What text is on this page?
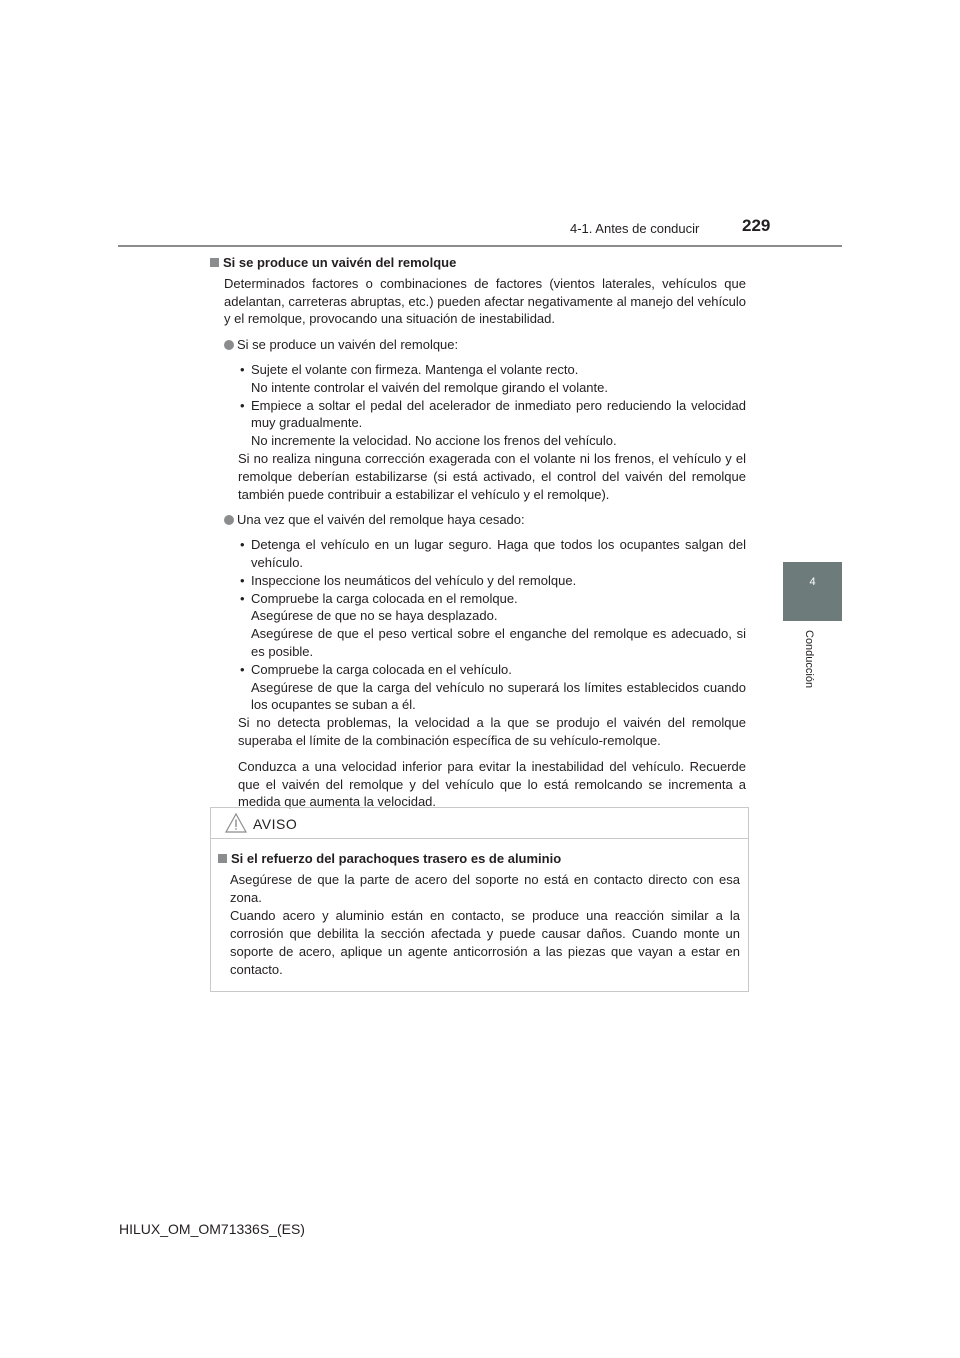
4-1. Antes de conducir	229
4
Conducción
Si se produce un vaivén del remolque
Determinados factores o combinaciones de factores (vientos laterales, vehículos que adelantan, carreteras abruptas, etc.) pueden afectar negativamente al manejo del vehículo y el remolque, provocando una situación de inestabilidad.
Si se produce un vaivén del remolque:
• Sujete el volante con firmeza. Mantenga el volante recto.
No intente controlar el vaivén del remolque girando el volante.
• Empiece a soltar el pedal del acelerador de inmediato pero reduciendo la velocidad muy gradualmente.
No incremente la velocidad. No accione los frenos del vehículo.
Si no realiza ninguna corrección exagerada con el volante ni los frenos, el vehículo y el remolque deberían estabilizarse (si está activado, el control del vaivén del remolque también puede contribuir a estabilizar el vehículo y el remolque).
Una vez que el vaivén del remolque haya cesado:
• Detenga el vehículo en un lugar seguro. Haga que todos los ocupantes salgan del vehículo.
• Inspeccione los neumáticos del vehículo y del remolque.
• Compruebe la carga colocada en el remolque.
Asegúrese de que no se haya desplazado.
Asegúrese de que el peso vertical sobre el enganche del remolque es adecuado, si es posible.
• Compruebe la carga colocada en el vehículo.
Asegúrese de que la carga del vehículo no superará los límites establecidos cuando los ocupantes se suban a él.
Si no detecta problemas, la velocidad a la que se produjo el vaivén del remolque superaba el límite de la combinación específica de su vehículo-remolque.
Conduzca a una velocidad inferior para evitar la inestabilidad del vehículo. Recuerde que el vaivén del remolque y del vehículo que lo está remolcando se incrementa a medida que aumenta la velocidad.
AVISO
Si el refuerzo del parachoques trasero es de aluminio
Asegúrese de que la parte de acero del soporte no está en contacto directo con esa zona.
Cuando acero y aluminio están en contacto, se produce una reacción similar a la corrosión que debilita la sección afectada y puede causar daños. Cuando monte un soporte de acero, aplique un agente anticorrosión a las piezas que vayan a estar en contacto.
HILUX_OM_OM71336S_(ES)
